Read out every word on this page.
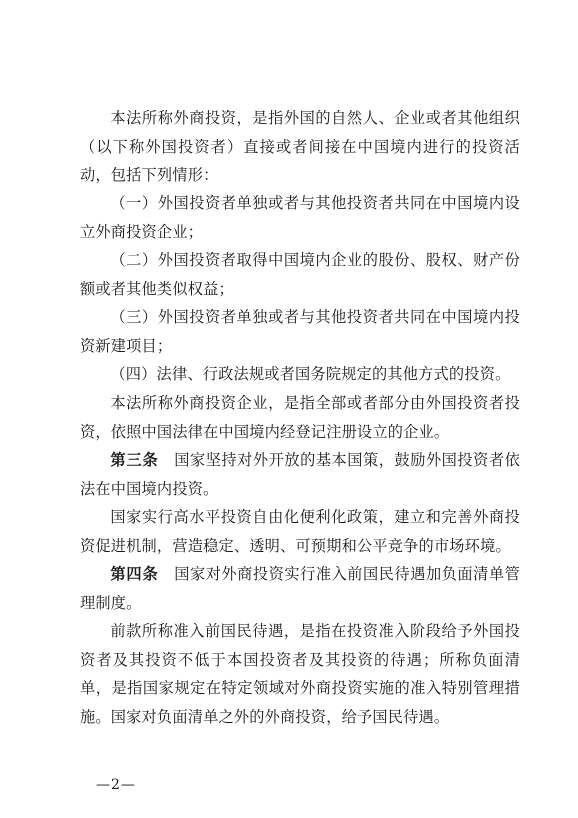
本法所称外商投资，是指外国的自然人、企业或者其他组织（以下称外国投资者）直接或者间接在中国境内进行的投资活动，包括下列情形：

（一）外国投资者单独或者与其他投资者共同在中国境内设立外商投资企业；

（二）外国投资者取得中国境内企业的股份、股权、财产份额或者其他类似权益；

（三）外国投资者单独或者与其他投资者共同在中国境内投资新建项目；

（四）法律、行政法规或者国务院规定的其他方式的投资。

本法所称外商投资企业，是指全部或者部分由外国投资者投资，依照中国法律在中国境内经登记注册设立的企业。

第三条　 国家坚持对外开放的基本国策，鼓励外国投资者依法在中国境内投资。

国家实行高水平投资自由化便利化政策，建立和完善外商投资促进机制，营造稳定、透明、可预期和公平竞争的市场环境。

第四条　 国家对外商投资实行准入前国民待遇加负面清单管理制度。

前款所称准入前国民待遇，是指在投资准入阶段给予外国投资者及其投资不低于本国投资者及其投资的待遇；所称负面清单，是指国家规定在特定领域对外商投资实施的准入特别管理措施。国家对负面清单之外的外商投资，给予国民待遇。

—2—
